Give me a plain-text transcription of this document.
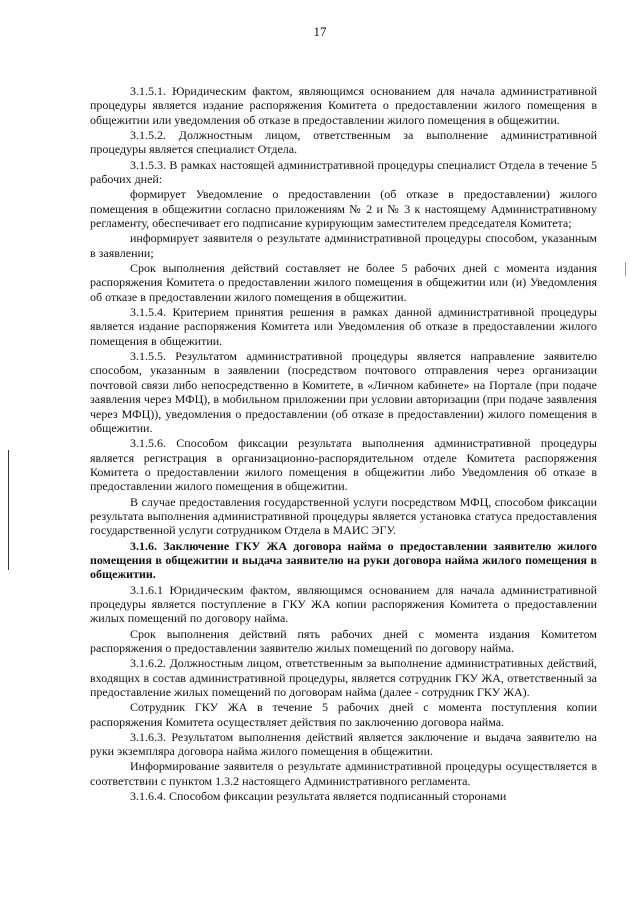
17

3.1.5.1. Юридическим фактом, являющимся основанием для начала административной процедуры является издание распоряжения Комитета о предоставлении жилого помещения в общежитии или уведомления об отказе в предоставлении жилого помещения в общежитии.

3.1.5.2. Должностным лицом, ответственным за выполнение административной процедуры является специалист Отдела.

3.1.5.3. В рамках настоящей административной процедуры специалист Отдела в течение 5 рабочих дней:

формирует Уведомление о предоставлении (об отказе в предоставлении) жилого помещения в общежитии согласно приложениям № 2 и № 3 к настоящему Административному регламенту, обеспечивает его подписание курирующим заместителем председателя Комитета;

информирует заявителя о результате административной процедуры способом, указанным в заявлении;

Срок выполнения действий составляет не более 5 рабочих дней с момента издания распоряжения Комитета о предоставлении жилого помещения в общежитии или (и) Уведомления об отказе в предоставлении жилого помещения в общежитии.

3.1.5.4. Критерием принятия решения в рамках данной административной процедуры является издание распоряжения Комитета или Уведомления об отказе в предоставлении жилого помещения в общежитии.

3.1.5.5. Результатом административной процедуры является направление заявителю способом, указанным в заявлении (посредством почтового отправления через организации почтовой связи либо непосредственно в Комитете, в «Личном кабинете» на Портале (при подаче заявления через МФЦ), в мобильном приложении при условии авторизации (при подаче заявления через МФЦ)), уведомления о предоставлении (об отказе в предоставлении) жилого помещения в общежитии.

3.1.5.6. Способом фиксации результата выполнения административной процедуры является регистрация в организационно-распорядительном отделе Комитета распоряжения Комитета о предоставлении жилого помещения в общежитии либо Уведомления об отказе в предоставлении жилого помещения в общежитии.

В случае предоставления государственной услуги посредством МФЦ, способом фиксации результата выполнения административной процедуры является установка статуса предоставления государственной услуги сотрудником Отдела в МАИС ЭГУ.

3.1.6. Заключение ГКУ ЖА договора найма о предоставлении заявителю жилого помещения в общежитии и выдача заявителю на руки договора найма жилого помещения в общежитии.

3.1.6.1 Юридическим фактом, являющимся основанием для начала административной процедуры является поступление в ГКУ ЖА копии распоряжения Комитета о предоставлении жилых помещений по договору найма.

Срок выполнения действий пять рабочих дней с момента издания Комитетом распоряжения о предоставлении заявителю жилых помещений по договору найма.

3.1.6.2. Должностным лицом, ответственным за выполнение административных действий, входящих в состав административной процедуры, является сотрудник ГКУ ЖА, ответственный за предоставление жилых помещений по договорам найма (далее - сотрудник ГКУ ЖА).

Сотрудник ГКУ ЖА в течение 5 рабочих дней с момента поступления копии распоряжения Комитета осуществляет действия по заключению договора найма.

3.1.6.3. Результатом выполнения действий является заключение и выдача заявителю на руки экземпляра договора найма жилого помещения в общежитии.

Информирование заявителя о результате административной процедуры осуществляется в соответствии с пунктом 1.3.2 настоящего Административного регламента.

3.1.6.4. Способом фиксации результата является подписанный сторонами
